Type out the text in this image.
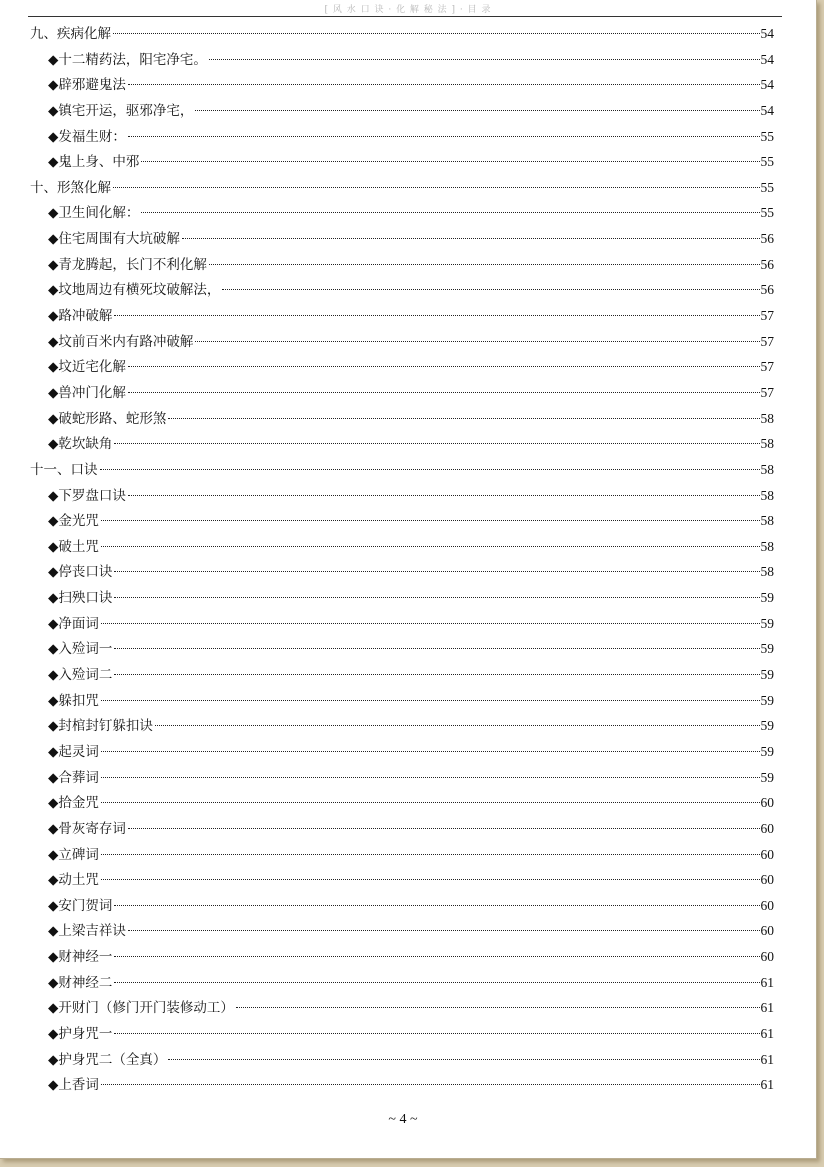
[ 风 水 口 诀 · 化 解 秘 法 ] · 目 录
九、疾病化解	54
◆十二精药法，阳宅净宅。	54
◆辟邪避鬼法	54
◆镇宅开运，驱邪净宅，	54
◆发福生财：	55
◆鬼上身、中邪	55
十、形煞化解	55
◆卫生间化解：	55
◆住宅周围有大坑破解	56
◆青龙腾起，长门不利化解	56
◆坟地周边有横死坟破解法，	56
◆路冲破解	57
◆坟前百米内有路冲破解	57
◆坟近宅化解	57
◆兽冲门化解	57
◆破蛇形路、蛇形煞	58
◆乾坎缺角	58
十一、口诀	58
◆下罗盘口诀	58
◆金光咒	58
◆破土咒	58
◆停丧口诀	58
◆扫殃口诀	59
◆净面词	59
◆入殓词一	59
◆入殓词二	59
◆躲扣咒	59
◆封棺封钉躲扣诀	59
◆起灵词	59
◆合葬词	59
◆拾金咒	60
◆骨灰寄存词	60
◆立碑词	60
◆动土咒	60
◆安门贺词	60
◆上梁吉祥诀	60
◆财神经一	60
◆财神经二	61
◆开财门（修门开门装修动工）	61
◆护身咒一	61
◆护身咒二（全真）	61
◆上香词	61
~ 4 ~
